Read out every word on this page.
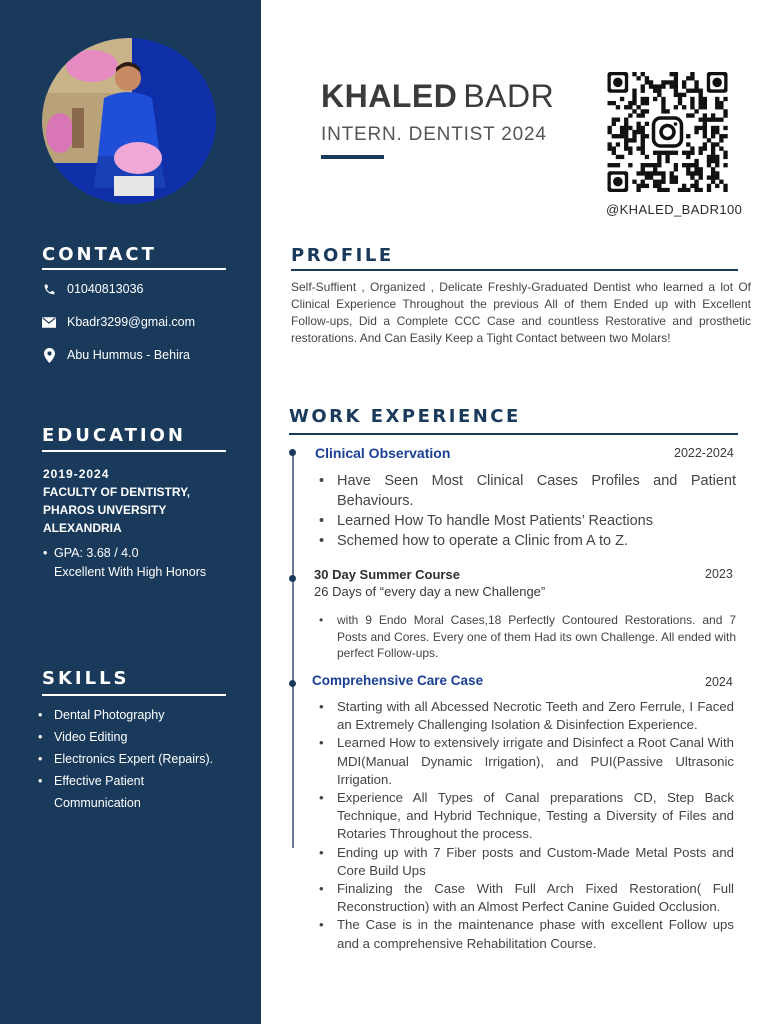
CONTACT
01040813036
Kbadr3299@gmai.com
Abu Hummus - Behira
EDUCATION
2019-2024
FACULTY OF DENTISTRY,
PHAROS UNVERSITY
ALEXANDRIA
• GPA: 3.68 / 4.0
Excellent With High Honors
SKILLS
• Dental Photography
• Video Editing
• Electronics Expert (Repairs).
• Effective Patient
Communication
KHALED BADR
INTERN. DENTIST 2024
@KHALED_BADR100
PROFILE

Self-Suffient , Organized , Delicate Freshly-Graduated Dentist who learned a lot Of Clinical Experience Throughout the previous All of them Ended up with Excellent Follow-ups, Did a Complete CCC Case and countless Restorative and prosthetic restorations. And Can Easily Keep a Tight Contact between two Molars!

WORK EXPERIENCE
Clinical Observation	2022-2024
• Have Seen Most Clinical Cases Profiles and Patient Behaviours.
• Learned How To handle Most Patients’ Reactions
• Schemed how to operate a Clinic from A to Z.
30 Day Summer Course	2023
26 Days of “every day a new Challenge”
• with 9 Endo Moral Cases,18 Perfectly Contoured Restorations. and 7 Posts and Cores. Every one of them Had its own Challenge. All ended with perfect Follow-ups.
Comprehensive Care Case	2024
• Starting with all Abcessed Necrotic Teeth and Zero Ferrule, I Faced an Extremely Challenging Isolation & Disinfection Experience.
• Learned How to extensively irrigate and Disinfect a Root Canal With MDI(Manual Dynamic Irrigation), and PUI(Passive Ultrasonic Irrigation.
• Experience All Types of Canal preparations CD, Step Back Technique, and Hybrid Technique, Testing a Diversity of Files and Rotaries Throughout the process.
• Ending up with 7 Fiber posts and Custom-Made Metal Posts and Core Build Ups
• Finalizing the Case With Full Arch Fixed Restoration( Full Reconstruction) with an Almost Perfect Canine Guided Occlusion.
• The Case is in the maintenance phase with excellent Follow ups and a comprehensive Rehabilitation Course.
